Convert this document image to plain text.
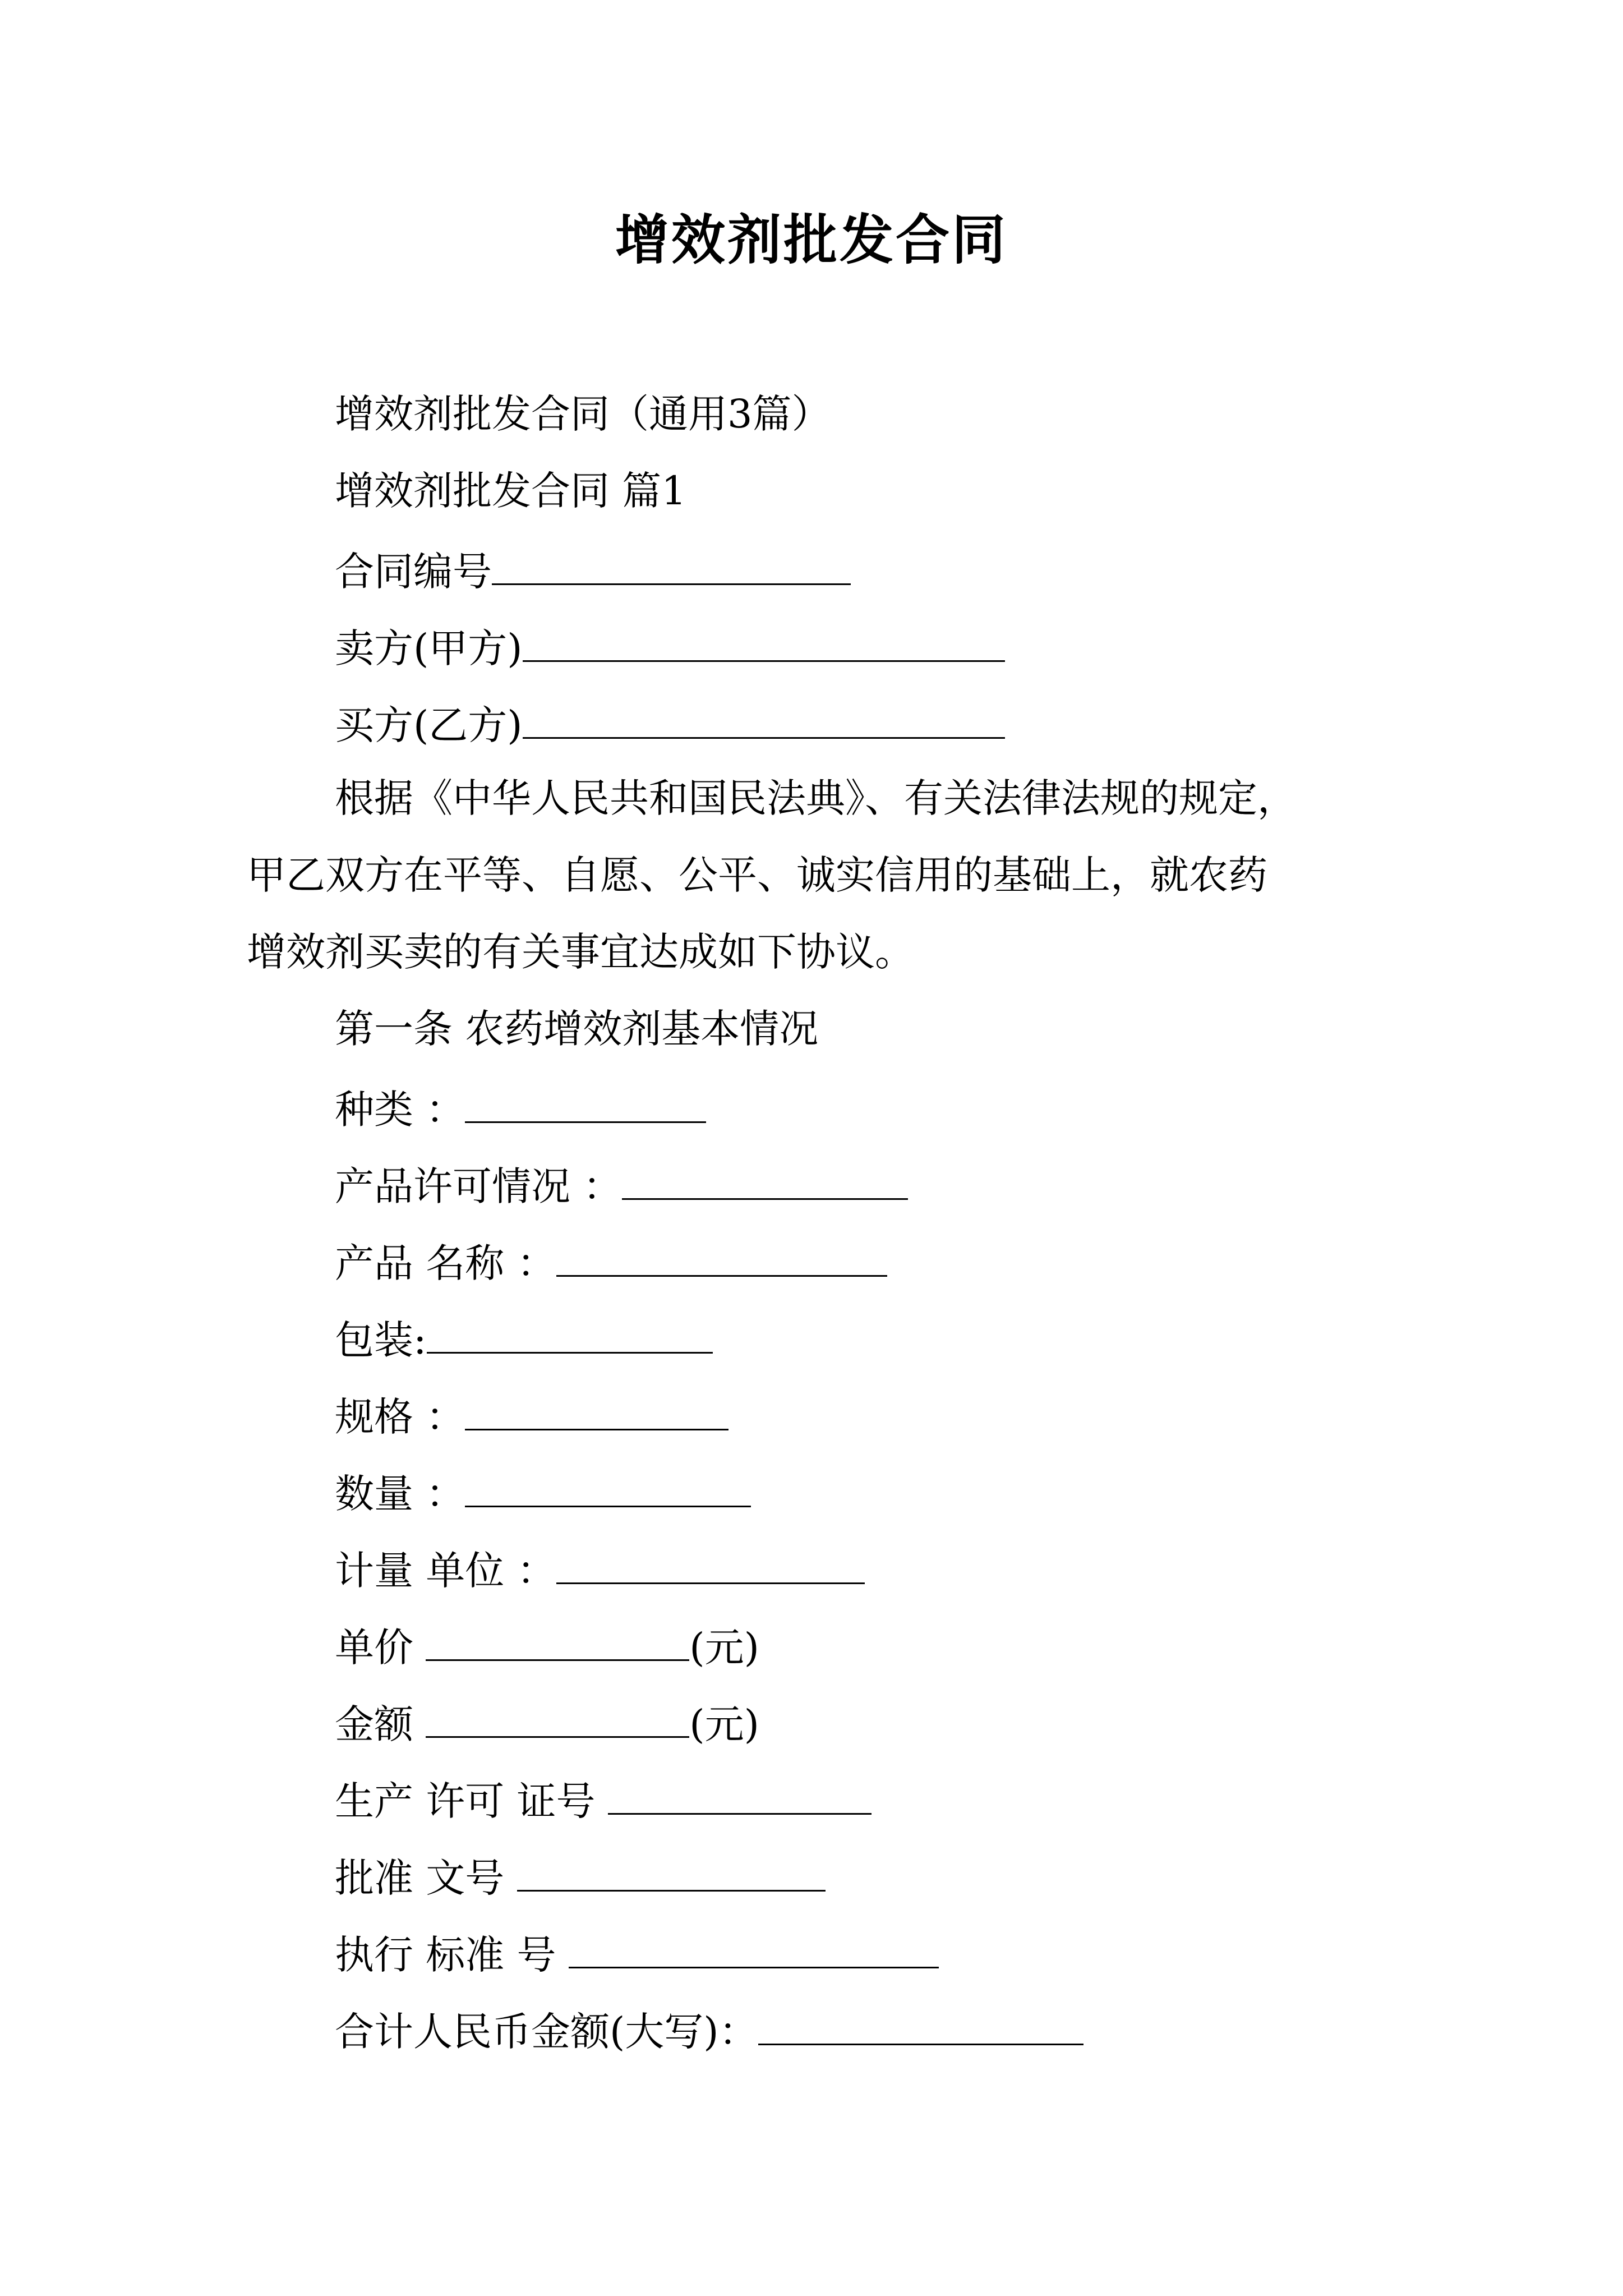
增效剂批发合同
增效剂批发合同（通用3篇）
增效剂批发合同 篇1
合同编号
卖方(甲方)
买方(乙方)
根据《中华人民共和国民法典》、有关法律法规的规定，
甲乙双方在平等、自愿、公平、诚实信用的基础上，就农药
增效剂买卖的有关事宜达成如下协议。
第一条 农药增效剂基本情况
种类 ：
产品许可情况 ：
产品 名称 ：
包装:
规格 ：
数量 ：
计量 单位 ：
单价	(元)
金额	(元)
生产 许可 证号
批准 文号
执行 标准 号
合计人民币金额(大写)：
